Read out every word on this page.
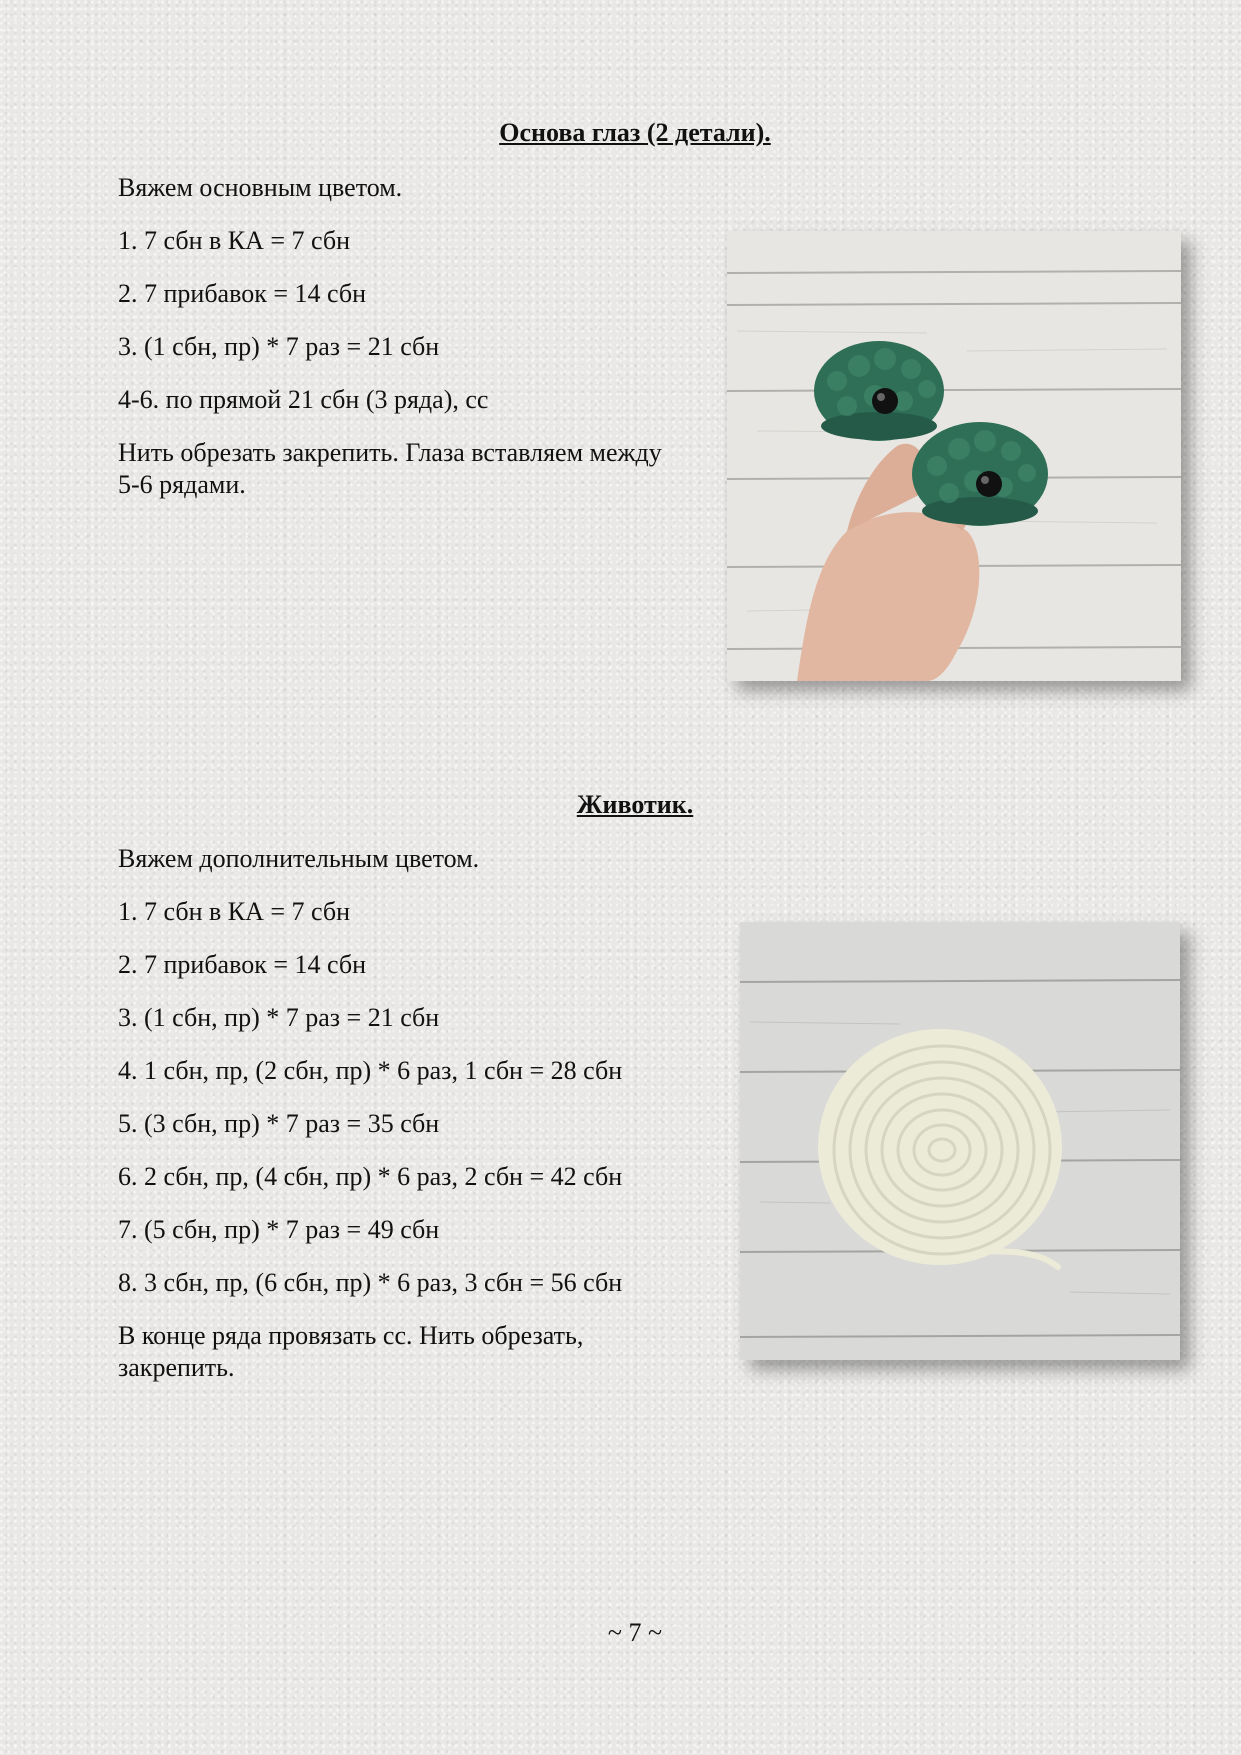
Основа глаз (2 детали).

Вяжем основным цветом.

1. 7 сбн в КА = 7 сбн

2. 7 прибавок = 14 сбн

3. (1 сбн, пр) * 7 раз = 21 сбн

4-6. по прямой 21 сбн (3 ряда), сс

Нить обрезать закрепить. Глаза вставляем между 5-6 рядами.

Животик.

Вяжем дополнительным цветом.

1. 7 сбн в КА = 7 сбн

2. 7 прибавок = 14 сбн

3. (1 сбн, пр) * 7 раз = 21 сбн

4. 1 сбн, пр, (2 сбн, пр) * 6 раз, 1 сбн = 28 сбн

5. (3 сбн, пр) * 7 раз = 35 сбн

6. 2 сбн, пр, (4 сбн, пр) * 6 раз, 2 сбн = 42 сбн

7. (5 сбн, пр) * 7 раз = 49 сбн

8. 3 сбн, пр, (6 сбн, пр) * 6 раз, 3 сбн = 56 сбн

В конце ряда провязать сс. Нить обрезать, закрепить.

~ 7 ~
